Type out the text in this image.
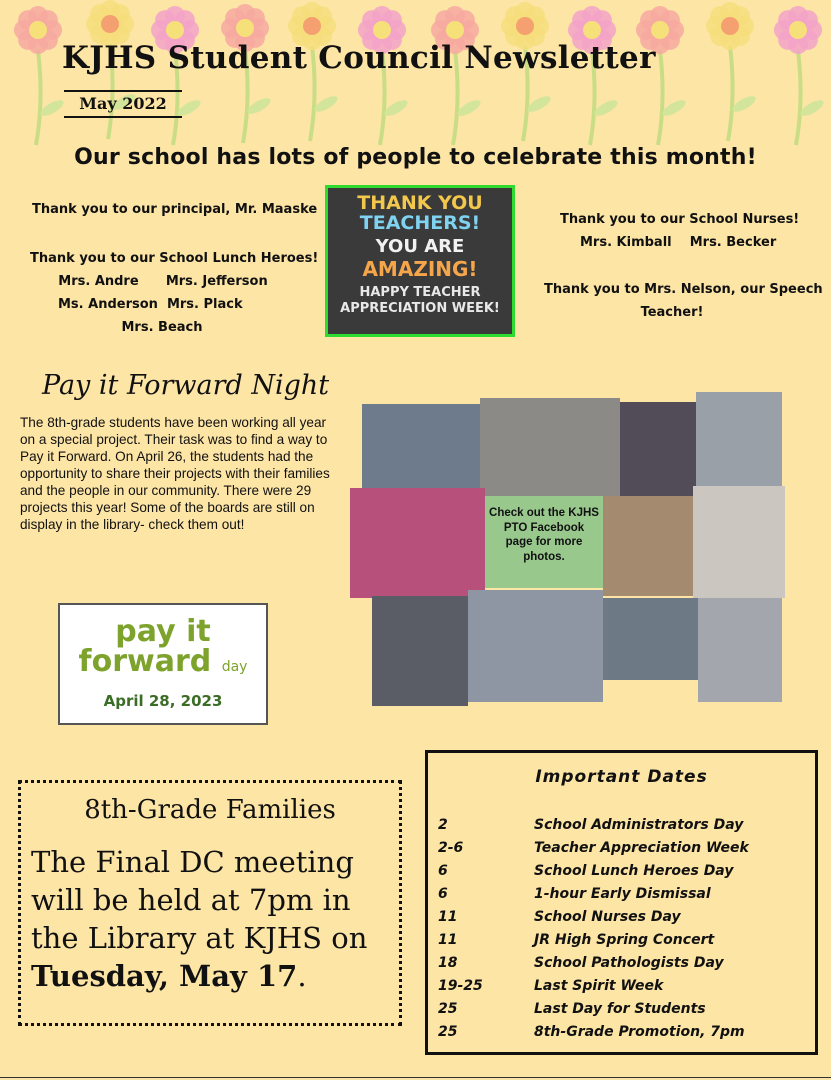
KJHS Student Council Newsletter
May 2022
Our school has lots of people to celebrate this month!
Thank you to our principal, Mr. Maaske
Thank you to our School Lunch Heroes!
Mrs. Andre      Mrs. Jefferson
Ms. Anderson  Mrs. Plack
Mrs. Beach
THANK YOU
TEACHERS!
YOU ARE
AMAZING!
HAPPY TEACHER
APPRECIATION WEEK!
Thank you to our School Nurses!
Mrs. Kimball    Mrs. Becker
Thank you to Mrs. Nelson, our Speech
Teacher!
Pay it Forward Night
The 8th-grade students have been working all year on a special project. Their task was to find a way to Pay it Forward. On April 26, the students had the opportunity to share their projects with their families and the people in our community. There were 29 projects this year! Some of the boards are still on display in the library- check them out!
pay it
forward day
April 28, 2023
Check out the KJHS PTO Facebook page for more photos.
8th-Grade Families
The Final DC meeting will be held at 7pm in the Library at KJHS on Tuesday, May 17.
Important Dates
2	School Administrators Day
2-6	Teacher Appreciation Week
6	School Lunch Heroes Day
6	1-hour Early Dismissal
11	School Nurses Day
11	JR High Spring Concert
18	School Pathologists Day
19-25	Last Spirit Week
25	Last Day for Students
25	8th-Grade Promotion, 7pm
